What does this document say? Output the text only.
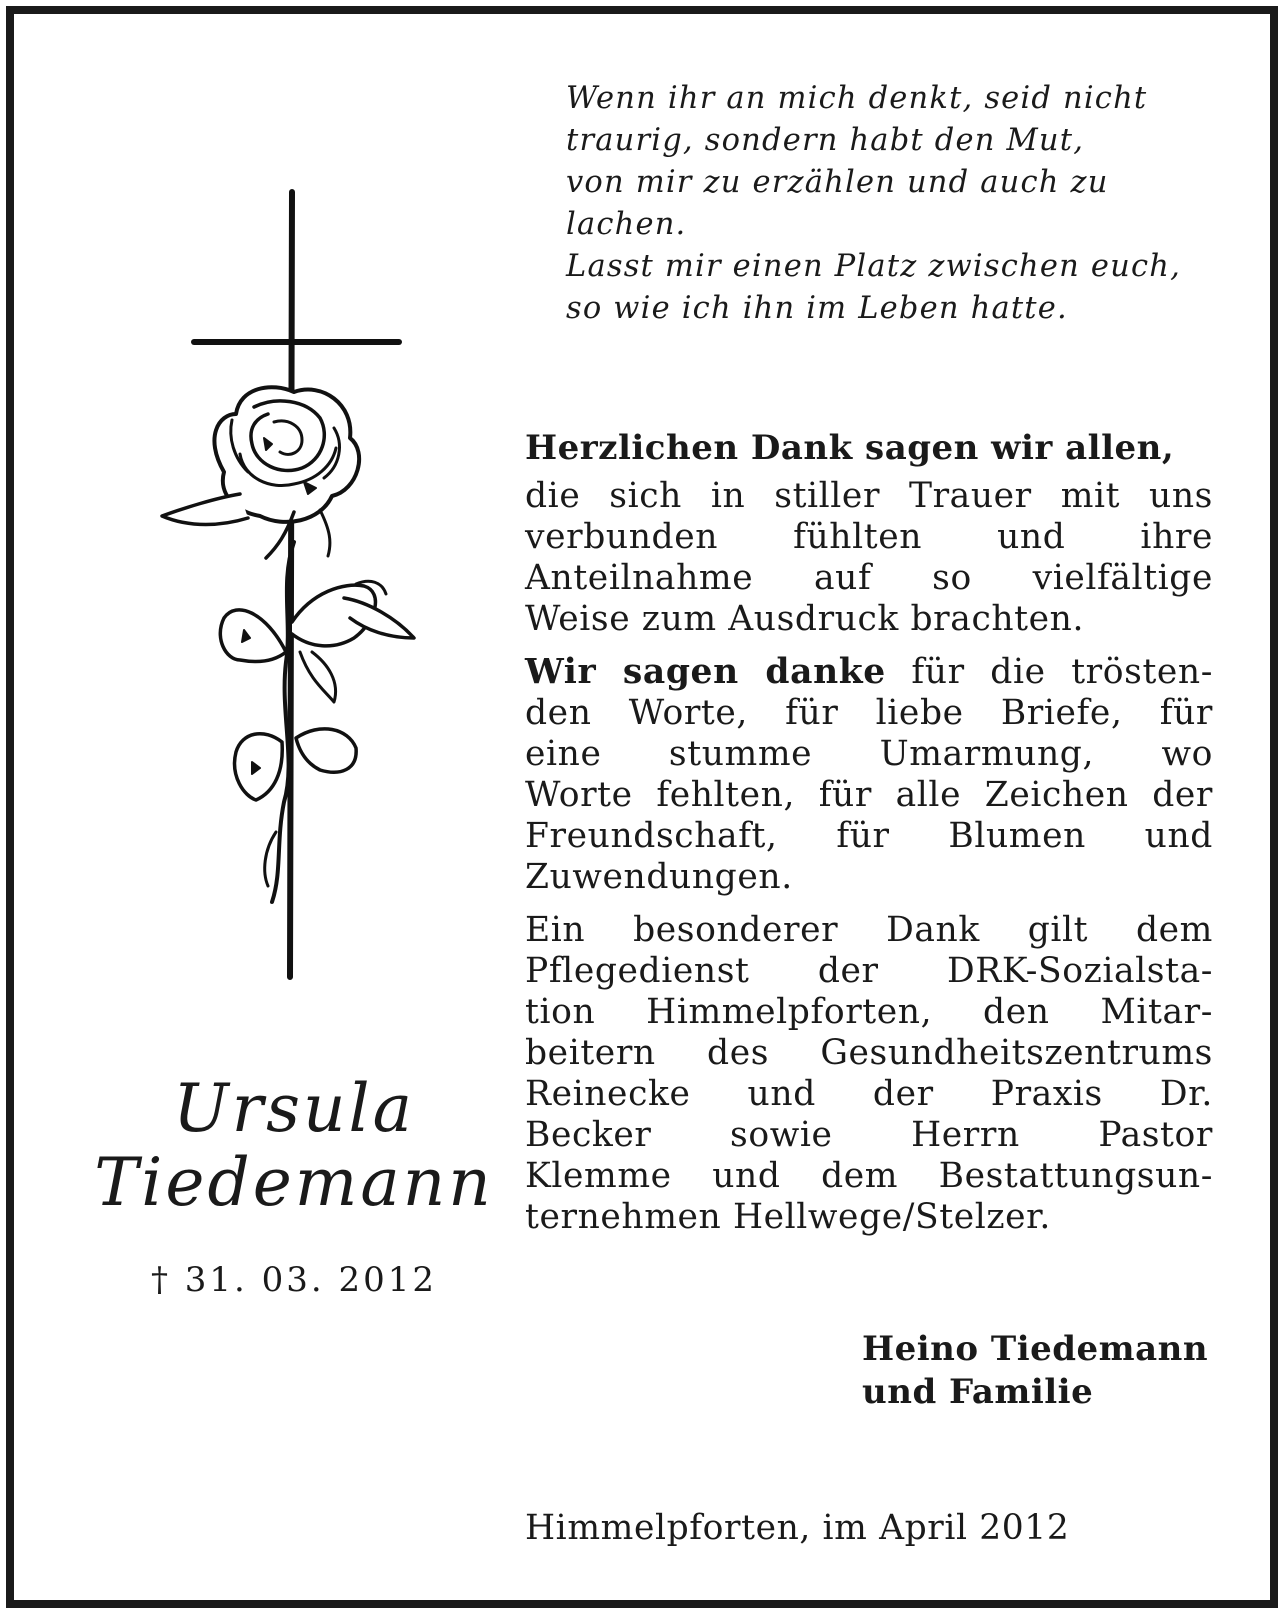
Wenn ihr an mich denkt, seid nicht
traurig, sondern habt den Mut,
von mir zu erzählen und auch zu
lachen.
Lasst mir einen Platz zwischen euch,
so wie ich ihn im Leben hatte.
Ursula
Tiedemann
† 31. 03. 2012
Herzlichen Dank sagen wir allen,
die sich in stiller Trauer mit uns
verbunden fühlten und ihre
Anteilnahme auf so vielfältige
Weise zum Ausdruck brachten.
Wir sagen danke für die trösten-
den Worte, für liebe Briefe, für
eine stumme Umarmung, wo
Worte fehlten, für alle Zeichen der
Freundschaft, für Blumen und
Zuwendungen.
Ein besonderer Dank gilt dem
Pflegedienst der DRK-Sozialsta-
tion Himmelpforten, den Mitar-
beitern des Gesundheitszentrums
Reinecke und der Praxis Dr.
Becker sowie Herrn Pastor
Klemme und dem Bestattungsun-
ternehmen Hellwege/Stelzer.
Heino Tiedemann
und Familie
Himmelpforten, im April 2012
